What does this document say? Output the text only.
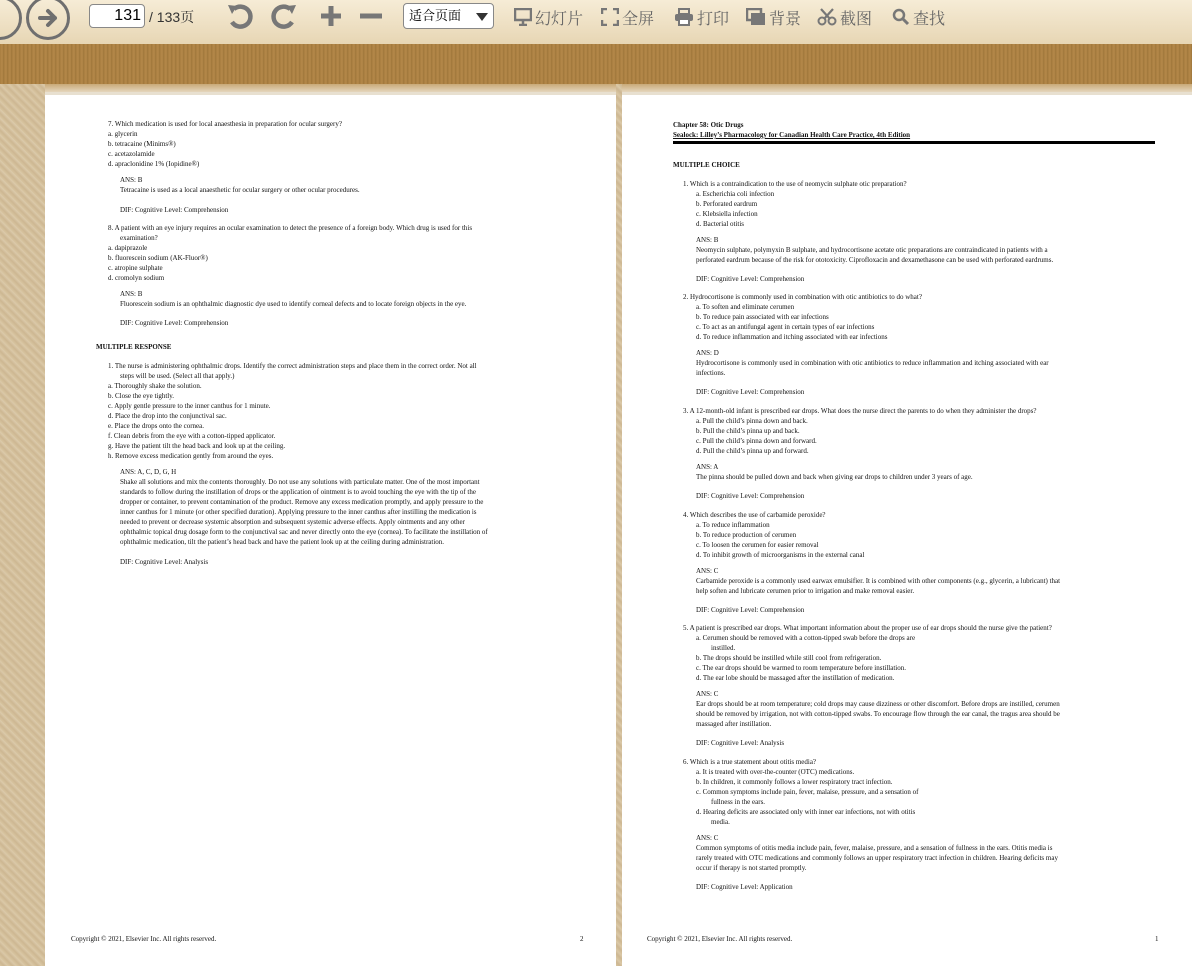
131 / 133页	适合页面	幻灯片 全屏	打印 背景 截图	查找
Copyright © 2021, Elsevier Inc. All rights reserved.	2
7. Which medication is used for local anaesthesia in preparation for ocular surgery?
a. glycerin
b. tetracaine (Minims®)
c. acetazolamide
d. apraclonidine 1% (Iopidine®)
ANS: B
Tetracaine is used as a local anaesthetic for ocular surgery or other ocular procedures.
DIF: Cognitive Level: Comprehension
8. A patient with an eye injury requires an ocular examination to detect the presence of a foreign body. Which drug is used for this
examination?
a. dapiprazole
b. fluorescein sodium (AK-Fluor®)
c. atropine sulphate
d. cromolyn sodium
ANS: B
Fluorescein sodium is an ophthalmic diagnostic dye used to identify corneal defects and to locate foreign objects in the eye.
DIF: Cognitive Level: Comprehension
MULTIPLE RESPONSE
1. The nurse is administering ophthalmic drops. Identify the correct administration steps and place them in the correct order. Not all
steps will be used. (Select all that apply.)
a. Thoroughly shake the solution.
b. Close the eye tightly.
c. Apply gentle pressure to the inner canthus for 1 minute.
d. Place the drop into the conjunctival sac.
e. Place the drops onto the cornea.
f. Clean debris from the eye with a cotton-tipped applicator.
g. Have the patient tilt the head back and look up at the ceiling.
h. Remove excess medication gently from around the eyes.
ANS: A, C, D, G, H
Shake all solutions and mix the contents thoroughly. Do not use any solutions with particulate matter. One of the most important
standards to follow during the instillation of drops or the application of ointment is to avoid touching the eye with the tip of the
dropper or container, to prevent contamination of the product. Remove any excess medication promptly, and apply pressure to the
inner canthus for 1 minute (or other specified duration). Applying pressure to the inner canthus after instilling the medication is
needed to prevent or decrease systemic absorption and subsequent systemic adverse effects. Apply ointments and any other
ophthalmic topical drug dosage form to the conjunctival sac and never directly onto the eye (cornea). To facilitate the instillation of
ophthalmic medication, tilt the patient’s head back and have the patient look up at the ceiling during administration.
DIF: Cognitive Level: Analysis
Chapter 58: Otic Drugs
Sealock: Lilley’s Pharmacology for Canadian Health Care Practice, 4th Edition
Copyright © 2021, Elsevier Inc. All rights reserved.	1
MULTIPLE CHOICE
1. Which is a contraindication to the use of neomycin sulphate otic preparation?
a. Escherichia coli infection
b. Perforated eardrum
c. Klebsiella infection
d. Bacterial otitis
ANS: B
Neomycin sulphate, polymyxin B sulphate, and hydrocortisone acetate otic preparations are contraindicated in patients with a
perforated eardrum because of the risk for ototoxicity. Ciprofloxacin and dexamethasone can be used with perforated eardrums.
DIF: Cognitive Level: Comprehension
2. Hydrocortisone is commonly used in combination with otic antibiotics to do what?
a. To soften and eliminate cerumen
b. To reduce pain associated with ear infections
c. To act as an antifungal agent in certain types of ear infections
d. To reduce inflammation and itching associated with ear infections
ANS: D
Hydrocortisone is commonly used in combination with otic antibiotics to reduce inflammation and itching associated with ear
infections.
DIF: Cognitive Level: Comprehension
3. A 12-month-old infant is prescribed ear drops. What does the nurse direct the parents to do when they administer the drops?
a. Pull the child’s pinna down and back.
b. Pull the child’s pinna up and back.
c. Pull the child’s pinna down and forward.
d. Pull the child’s pinna up and forward.
ANS: A
The pinna should be pulled down and back when giving ear drops to children under 3 years of age.
DIF: Cognitive Level: Comprehension
4. Which describes the use of carbamide peroxide?
a. To reduce inflammation
b. To reduce production of cerumen
c. To loosen the cerumen for easier removal
d. To inhibit growth of microorganisms in the external canal
ANS: C
Carbamide peroxide is a commonly used earwax emulsifier. It is combined with other components (e.g., glycerin, a lubricant) that
help soften and lubricate cerumen prior to irrigation and make removal easier.
DIF: Cognitive Level: Comprehension
5. A patient is prescribed ear drops. What important information about the proper use of ear drops should the nurse give the patient?
a. Cerumen should be removed with a cotton-tipped swab before the drops are
instilled.
b. The drops should be instilled while still cool from refrigeration.
c. The ear drops should be warmed to room temperature before instillation.
d. The ear lobe should be massaged after the instillation of medication.
ANS: C
Ear drops should be at room temperature; cold drops may cause dizziness or other discomfort. Before drops are instilled, cerumen
should be removed by irrigation, not with cotton-tipped swabs. To encourage flow through the ear canal, the tragus area should be
massaged after instillation.
DIF: Cognitive Level: Analysis
6. Which is a true statement about otitis media?
a. It is treated with over-the-counter (OTC) medications.
b. In children, it commonly follows a lower respiratory tract infection.
c. Common symptoms include pain, fever, malaise, pressure, and a sensation of
fullness in the ears.
d. Hearing deficits are associated only with inner ear infections, not with otitis
media.
ANS: C
Common symptoms of otitis media include pain, fever, malaise, pressure, and a sensation of fullness in the ears. Otitis media is
rarely treated with OTC medications and commonly follows an upper respiratory tract infection in children. Hearing deficits may
occur if therapy is not started promptly.
DIF: Cognitive Level: Application
